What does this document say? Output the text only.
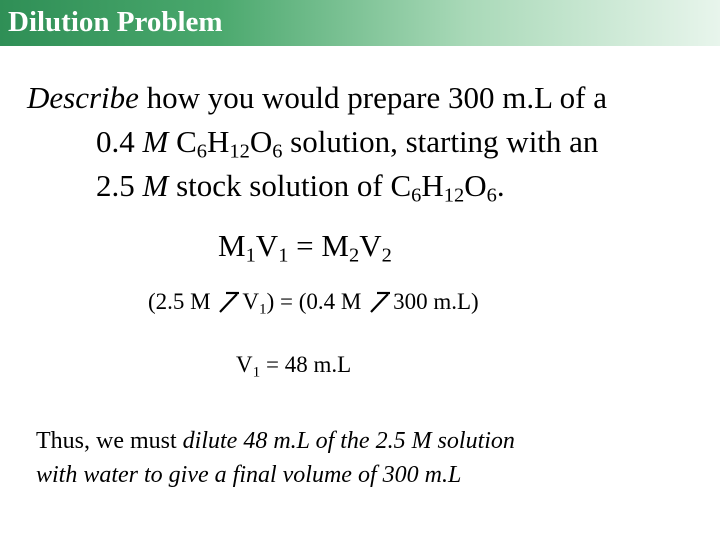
Dilution Problem
Describe how you would prepare 300 m.L of a
0.4 M $C_6H_{12}O_6$ solution, starting with an
2.5 M stock solution of $C_6H_{12}O_6$.
$M_1V_1 = M_2V_2$
(2.5 M $V_1) = (0.4$ M 300 m.L)
$V_1 = 48$ m.L
Thus, we must dilute 48 m.L of the 2.5 M solution
with water to give a final volume of 300 m.L
